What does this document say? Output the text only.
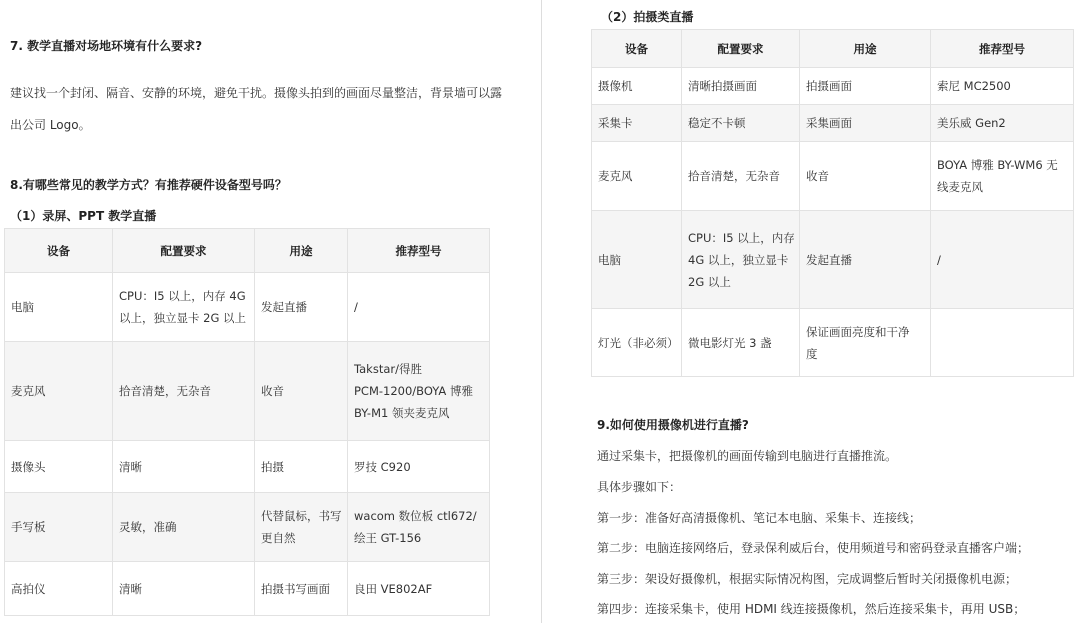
7. 教学直播对场地环境有什么要求?
建议找一个封闭、隔音、安静的环境，避免干扰。摄像头拍到的画面尽量整洁，背景墙可以露
出公司 Logo。
8.有哪些常见的教学方式？有推荐硬件设备型号吗？
（1）录屏、PPT 教学直播
设备	配置要求	用途	推荐型号
电脑	CPU：I5 以上，内存 4G
以上，独立显卡 2G 以上	发起直播	/

麦克风	拾音清楚，无杂音	收音	Takstar/得胜
PCM-1200/BOYA 博雅
BY-M1 领夹麦克风

摄像头	清晰	拍摄	罗技 C920

手写板	灵敏，准确	代替鼠标，书写
更自然	wacom 数位板 ctl672/
绘王 GT-156

高拍仪	清晰	拍摄书写画面	良田 VE802AF
（2）拍摄类直播
设备	配置要求	用途	推荐型号
摄像机	清晰拍摄画面	拍摄画面	索尼 MC2500

采集卡	稳定不卡顿	采集画面	美乐威 Gen2

麦克风	拾音清楚，无杂音	收音	BOYA 博雅 BY-WM6 无
线麦克风

电脑	CPU：I5 以上，内存
4G 以上，独立显卡
2G 以上	发起直播	/

灯光（非必须）	微电影灯光 3 盏	保证画面亮度和干净
度	

9.如何使用摄像机进行直播?
通过采集卡，把摄像机的画面传输到电脑进行直播推流。
具体步骤如下：
第一步：准备好高清摄像机、笔记本电脑、采集卡、连接线；
第二步：电脑连接网络后，登录保利威后台，使用频道号和密码登录直播客户端；
第三步：架设好摄像机，根据实际情况构图，完成调整后暂时关闭摄像机电源；
第四步：连接采集卡，使用 HDMI 线连接摄像机，然后连接采集卡，再用 USB；
